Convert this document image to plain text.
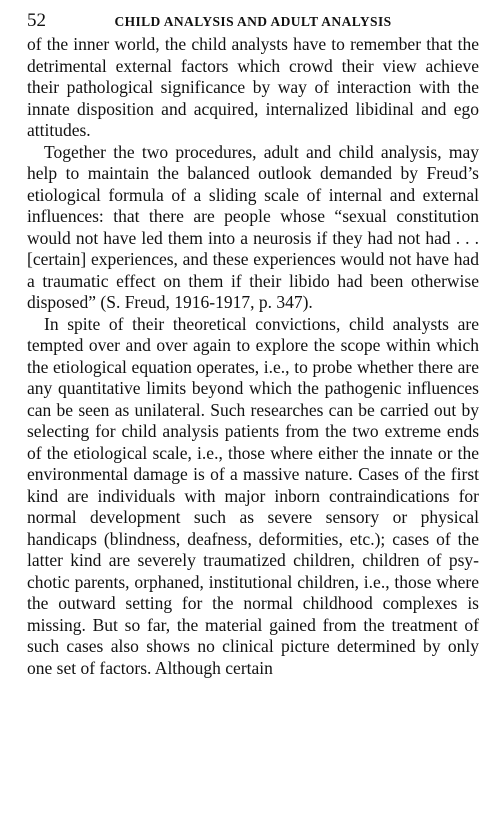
52	CHILD ANALYSIS AND ADULT ANALYSIS

of the inner world, the child analysts have to remember that the detrimental external factors which crowd their view achieve their pathological significance by way of interaction with the innate disposition and acquired, internalized libidinal and ego attitudes.

Together the two procedures, adult and child analysis, may help to maintain the balanced outlook demanded by Freud’s etiological formula of a sliding scale of internal and external influences: that there are people whose “sexual constitution would not have led them into a neurosis if they had not had . . . [certain] experiences, and these experiences would not have had a traumatic effect on them if their libido had been otherwise disposed” (S. Freud, 1916-1917, p. 347).

In spite of their theoretical convictions, child analysts are tempted over and over again to explore the scope within which the etiological equation operates, i.e., to probe whether there are any quantitative limits beyond which the pathogenic influences can be seen as unilateral. Such researches can be carried out by selecting for child analysis patients from the two extreme ends of the etiological scale, i.e., those where either the innate or the environmental damage is of a massive nature. Cases of the first kind are individuals with major inborn contraindications for normal development such as severe sensory or physical handicaps (blindness, deafness, deformities, etc.); cases of the latter kind are severely traumatized children, children of psychotic parents, orphaned, institutional children, i.e., those where the outward setting for the normal childhood complexes is missing. But so far, the material gained from the treatment of such cases also shows no clinical picture determined by only one set of factors. Although certain
